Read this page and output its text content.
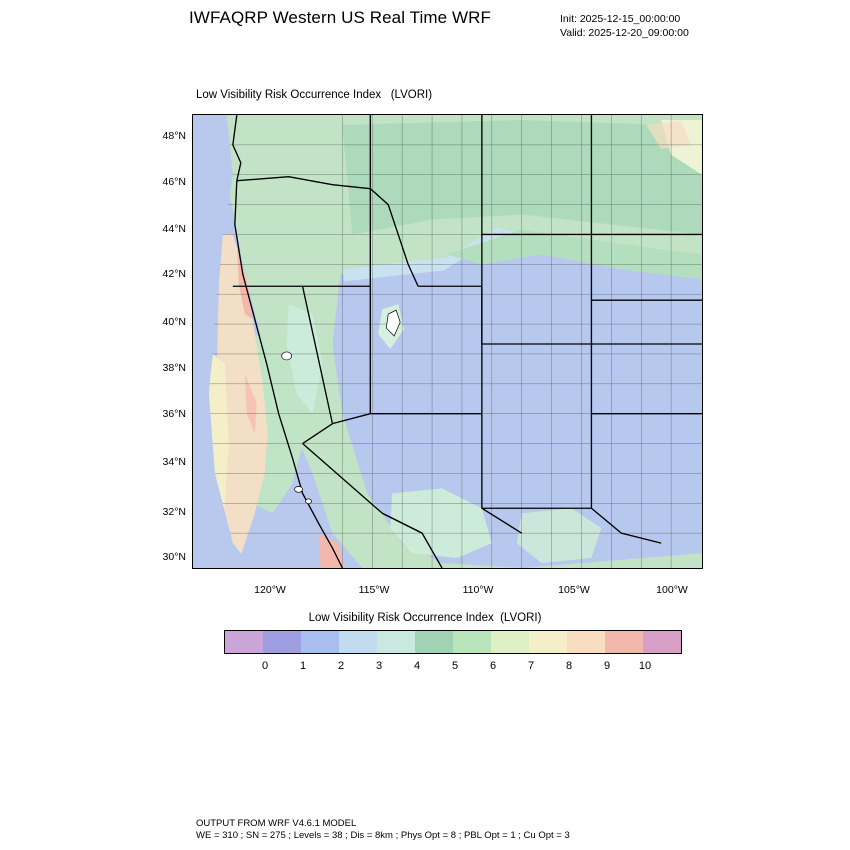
IWFAQRP Western US Real Time WRF	Init: 2025-12-15_00:00:00
Valid: 2025-12-20_09:00:00
Low Visibility Risk Occurrence Index   (LVORI)
30°N
32°N
34°N
36°N
38°N
40°N
42°N
44°N
46°N
48°N
120°W	115°W	110°W	105°W	100°W
Low Visibility Risk Occurrence Index  (LVORI)
0	1	2	3	4	5	6	7	8	9	10
OUTPUT FROM WRF V4.6.1 MODEL
WE = 310 ; SN = 275 ; Levels = 38 ; Dis = 8km ; Phys Opt = 8 ; PBL Opt = 1 ; Cu Opt = 3
